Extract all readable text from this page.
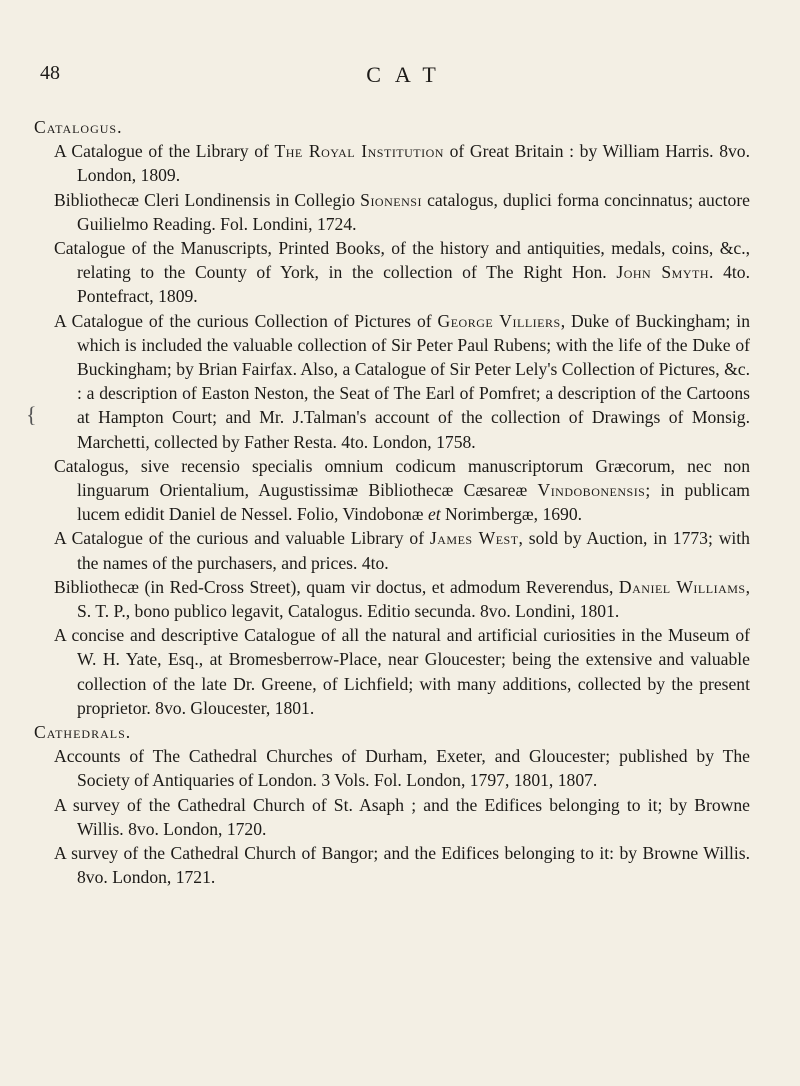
48	CAT
{

Catalogus.

A Catalogue of the Library of The Royal Institution of Great Britain : by William Harris. 8vo. London, 1809.

Bibliothecæ Cleri Londinensis in Collegio Sionensi catalogus, duplici forma concinnatus; auctore Guilielmo Reading. Fol. Londini, 1724.

Catalogue of the Manuscripts, Printed Books, of the history and antiquities, medals, coins, &c., relating to the County of York, in the collection of The Right Hon. John Smyth. 4to. Pontefract, 1809.

A Catalogue of the curious Collection of Pictures of George Villiers, Duke of Buckingham; in which is included the valuable collection of Sir Peter Paul Rubens; with the life of the Duke of Buckingham; by Brian Fairfax. Also, a Catalogue of Sir Peter Lely's Collection of Pictures, &c. : a description of Easton Neston, the Seat of The Earl of Pomfret; a description of the Cartoons at Hampton Court; and Mr. J.Talman's account of the collection of Drawings of Monsig. Marchetti, collected by Father Resta. 4to. London, 1758.

Catalogus, sive recensio specialis omnium codicum manuscriptorum Græcorum, nec non linguarum Orientalium, Augustissimæ Bibliothecæ Cæsareæ Vindobonensis; in publicam lucem edidit Daniel de Nessel. Folio, Vindobonæ et Norimbergæ, 1690.

A Catalogue of the curious and valuable Library of James West, sold by Auction, in 1773; with the names of the purchasers, and prices. 4to.

Bibliothecæ (in Red-Cross Street), quam vir doctus, et admodum Reverendus, Daniel Williams, S. T. P., bono publico legavit, Catalogus. Editio secunda. 8vo. Londini, 1801.

A concise and descriptive Catalogue of all the natural and artificial curiosities in the Museum of W. H. Yate, Esq., at Bromesberrow-Place, near Gloucester; being the extensive and valuable collection of the late Dr. Greene, of Lichfield; with many additions, collected by the present proprietor. 8vo. Gloucester, 1801.

Cathedrals.

Accounts of The Cathedral Churches of Durham, Exeter, and Gloucester; published by The Society of Antiquaries of London. 3 Vols. Fol. London, 1797, 1801, 1807.

A survey of the Cathedral Church of St. Asaph ; and the Edifices belonging to it; by Browne Willis. 8vo. London, 1720.

A survey of the Cathedral Church of Bangor; and the Edifices belonging to it: by Browne Willis. 8vo. London, 1721.
